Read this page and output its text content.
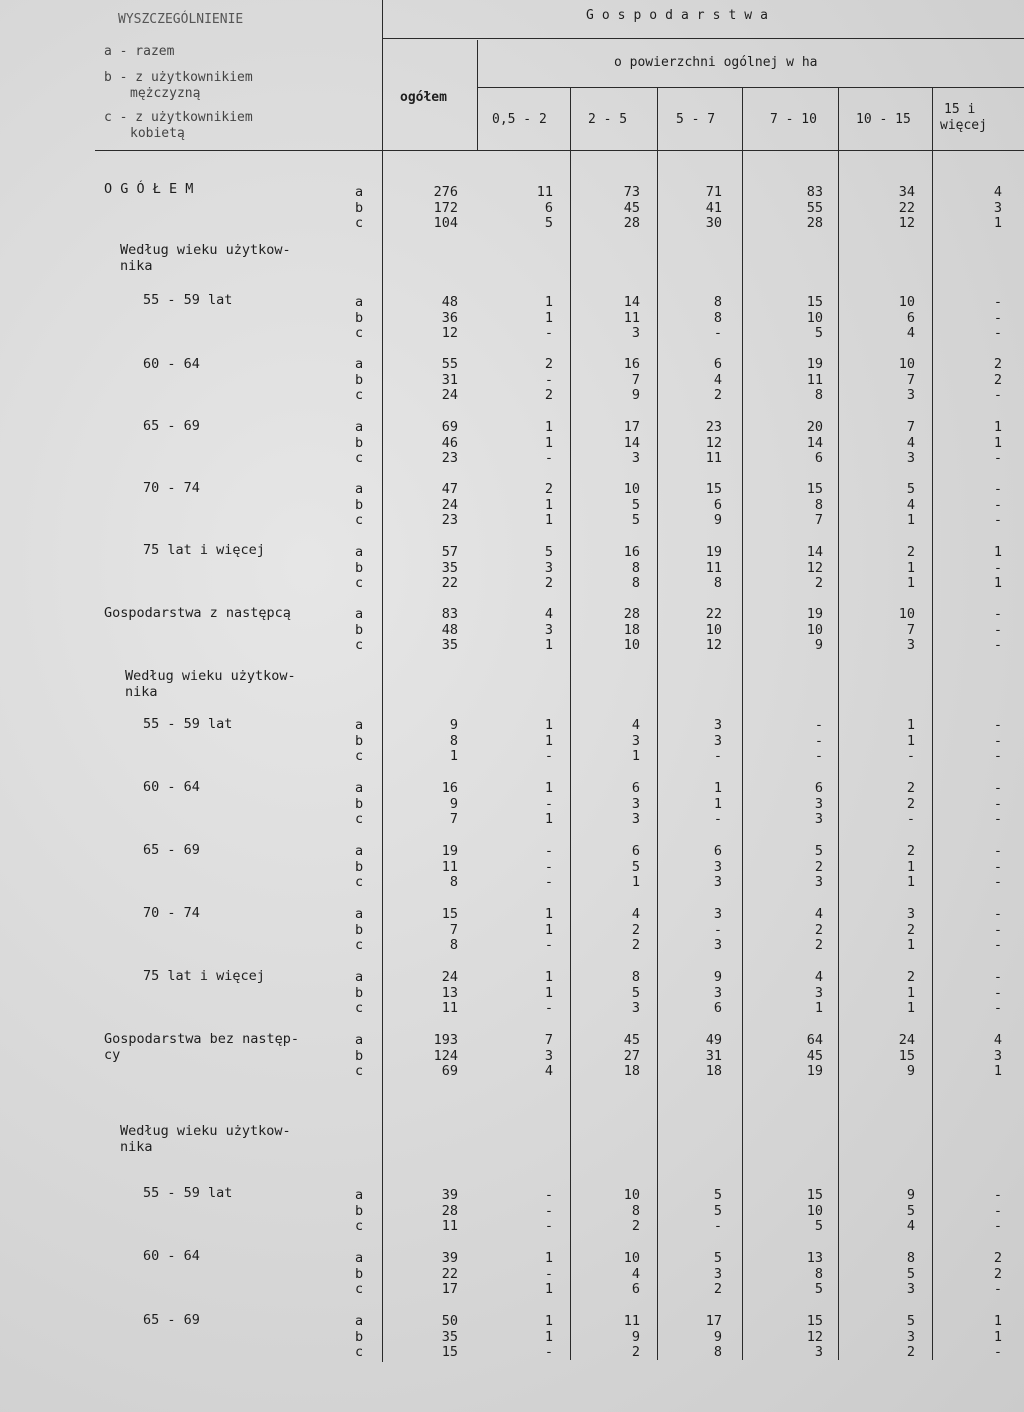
WYSZCZEGÓLNIENIE
a - razem
b - z użytkownikiem
mężczyzną
c - z użytkownikiem
kobietą
Gospodarstwa
o powierzchni ogólnej w ha
ogółem
0,5 - 2	2 - 5	5 - 7	7 - 10	10 - 15
15 i
więcej
O G Ó Ł E M	a	276	11	73	71	83	34	4
b	172	6	45	41	55	22	3
c	104	5	28	30	28	12	1
Według wieku użytkow-
nika
55 - 59 lat	a	48	1	14	8	15	10	-
b	36	1	11	8	10	6	-
c	12	-	3	-	5	4	-
60 - 64	a	55	2	16	6	19	10	2
b	31	-	7	4	11	7	2
c	24	2	9	2	8	3	-
65 - 69	a	69	1	17	23	20	7	1
b	46	1	14	12	14	4	1
c	23	-	3	11	6	3	-
70 - 74	a	47	2	10	15	15	5	-
b	24	1	5	6	8	4	-
c	23	1	5	9	7	1	-
75 lat i więcej	a	57	5	16	19	14	2	1
b	35	3	8	11	12	1	-
c	22	2	8	8	2	1	1
Gospodarstwa z następcą	a	83	4	28	22	19	10	-
b	48	3	18	10	10	7	-
c	35	1	10	12	9	3	-
Według wieku użytkow-
nika
55 - 59 lat	a	9	1	4	3	-	1	-
b	8	1	3	3	-	1	-
c	1	-	1	-	-	-	-
60 - 64	a	16	1	6	1	6	2	-
b	9	-	3	1	3	2	-
c	7	1	3	-	3	-	-
65 - 69	a	19	-	6	6	5	2	-
b	11	-	5	3	2	1	-
c	8	-	1	3	3	1	-
70 - 74	a	15	1	4	3	4	3	-
b	7	1	2	-	2	2	-
c	8	-	2	3	2	1	-
75 lat i więcej	a	24	1	8	9	4	2	-
b	13	1	5	3	3	1	-
c	11	-	3	6	1	1	-
Gospodarstwa bez następ-
cy
a	193	7	45	49	64	24	4
b	124	3	27	31	45	15	3
c	69	4	18	18	19	9	1
Według wieku użytkow-
nika
55 - 59 lat	a	39	-	10	5	15	9	-
b	28	-	8	5	10	5	-
c	11	-	2	-	5	4	-
60 - 64	a	39	1	10	5	13	8	2
b	22	-	4	3	8	5	2
c	17	1	6	2	5	3	-
65 - 69	a	50	1	11	17	15	5	1
b	35	1	9	9	12	3	1
c	15	-	2	8	3	2	-
